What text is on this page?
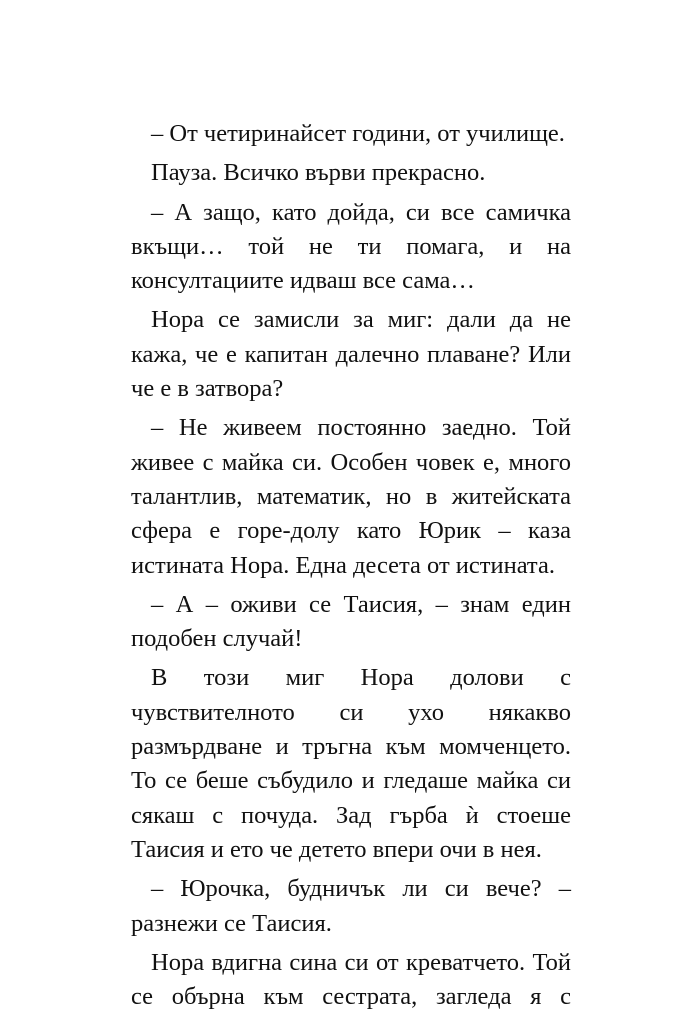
– От четиринайсет години, от училище.

Пауза. Всичко върви прекрасно.

– А защо, като дойда, си все самичка вкъщи… той не ти помага, и на консултациите идваш все сама…

Нора се замисли за миг: дали да не кажа, че е капитан далечно плаване? Или че е в затвора?

– Не живеем постоянно заедно. Той живее с майка си. Особен човек е, много талантлив, математик, но в житейската сфера е горе-долу като Юрик – каза истината Нора. Една десета от истината.

– А – оживи се Таисия, – знам един подобен случай!

В този миг Нора долови с чувствителното си ухо някакво размърдване и тръгна към момченцето. То се беше събудило и гледаше майка си сякаш с почуда. Зад гърба ѝ стоеше Таисия и ето че детето впери очи в нея.

– Юрочка, будничък ли си вече? – разнежи се Таисия.

Нора вдигна сина си от креватчето. Той се обърна към сестрата, загледа я с
